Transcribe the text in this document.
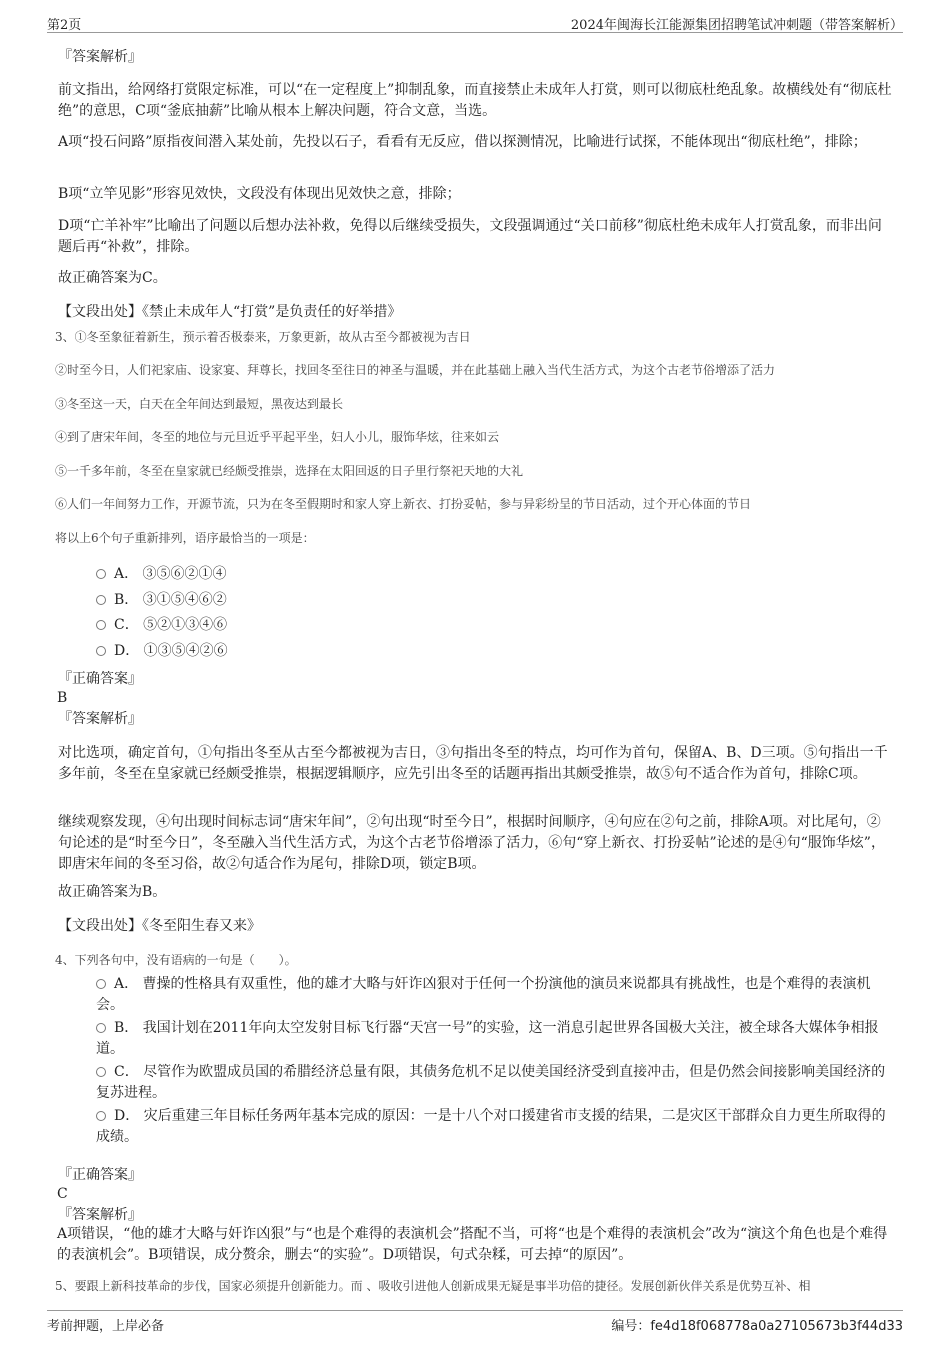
第2页	2024年闽海长江能源集团招聘笔试冲刺题（带答案解析）
『答案解析』
前文指出，给网络打赏限定标准，可以“在一定程度上”抑制乱象，而直接禁止未成年人打赏，则可以彻底杜绝乱象。故横线处有“彻底杜绝”的意思，C项“釜底抽薪”比喻从根本上解决问题，符合文意，当选。
A项“投石问路”原指夜间潜入某处前，先投以石子，看看有无反应，借以探测情况，比喻进行试探，不能体现出“彻底杜绝”，排除；
B项“立竿见影”形容见效快，文段没有体现出见效快之意，排除；
D项“亡羊补牢”比喻出了问题以后想办法补救，免得以后继续受损失，文段强调通过“关口前移”彻底杜绝未成年人打赏乱象，而非出问题后再“补救”，排除。
故正确答案为C。
【文段出处】《禁止未成年人“打赏”是负责任的好举措》
3、①冬至象征着新生，预示着否极泰来，万象更新，故从古至今都被视为吉日
②时至今日，人们祀家庙、设家宴、拜尊长，找回冬至往日的神圣与温暖，并在此基础上融入当代生活方式，为这个古老节俗增添了活力
③冬至这一天，白天在全年间达到最短，黑夜达到最长
④到了唐宋年间，冬至的地位与元旦近乎平起平坐，妇人小儿，服饰华炫，往来如云
⑤一千多年前，冬至在皇家就已经颇受推崇，选择在太阳回返的日子里行祭祀天地的大礼
⑥人们一年间努力工作，开源节流，只为在冬至假期时和家人穿上新衣、打扮妥帖，参与异彩纷呈的节日活动，过个开心体面的节日
将以上6个句子重新排列，语序最恰当的一项是：
A． ③⑤⑥②①④
B． ③①⑤④⑥②
C． ⑤②①③④⑥
D． ①③⑤④②⑥
『正确答案』
B
『答案解析』
对比选项，确定首句，①句指出冬至从古至今都被视为吉日，③句指出冬至的特点，均可作为首句，保留A、B、D三项。⑤句指出一千多年前，冬至在皇家就已经颇受推崇，根据逻辑顺序，应先引出冬至的话题再指出其颇受推崇，故⑤句不适合作为首句，排除C项。
继续观察发现，④句出现时间标志词“唐宋年间”，②句出现“时至今日”，根据时间顺序，④句应在②句之前，排除A项。对比尾句，②句论述的是“时至今日”，冬至融入当代生活方式，为这个古老节俗增添了活力，⑥句“穿上新衣、打扮妥帖”论述的是④句“服饰华炫”，即唐宋年间的冬至习俗，故②句适合作为尾句，排除D项，锁定B项。
故正确答案为B。
【文段出处】《冬至阳生春又来》
4、下列各句中，没有语病的一句是（　　）。
A． 曹操的性格具有双重性，他的雄才大略与奸诈凶狠对于任何一个扮演他的演员来说都具有挑战性，也是个难得的表演机会。
B． 我国计划在2011年向太空发射目标飞行器“天宫一号”的实验，这一消息引起世界各国极大关注，被全球各大媒体争相报道。
C． 尽管作为欧盟成员国的希腊经济总量有限，其债务危机不足以使美国经济受到直接冲击，但是仍然会间接影响美国经济的复苏进程。
D． 灾后重建三年目标任务两年基本完成的原因：一是十八个对口援建省市支援的结果，二是灾区干部群众自力更生所取得的成绩。
『正确答案』
C
『答案解析』
A项错误，“他的雄才大略与奸诈凶狠”与“也是个难得的表演机会”搭配不当，可将“也是个难得的表演机会”改为“演这个角色也是个难得的表演机会”。B项错误，成分赘余，删去“的实验”。D项错误，句式杂糅，可去掉“的原因”。
5、要跟上新科技革命的步伐，国家必须提升创新能力。而 、吸收引进他人创新成果无疑是事半功倍的捷径。发展创新伙伴关系是优势互补、相
考前押题，上岸必备	编号：fe4d18f068778a0a27105673b3f44d33
